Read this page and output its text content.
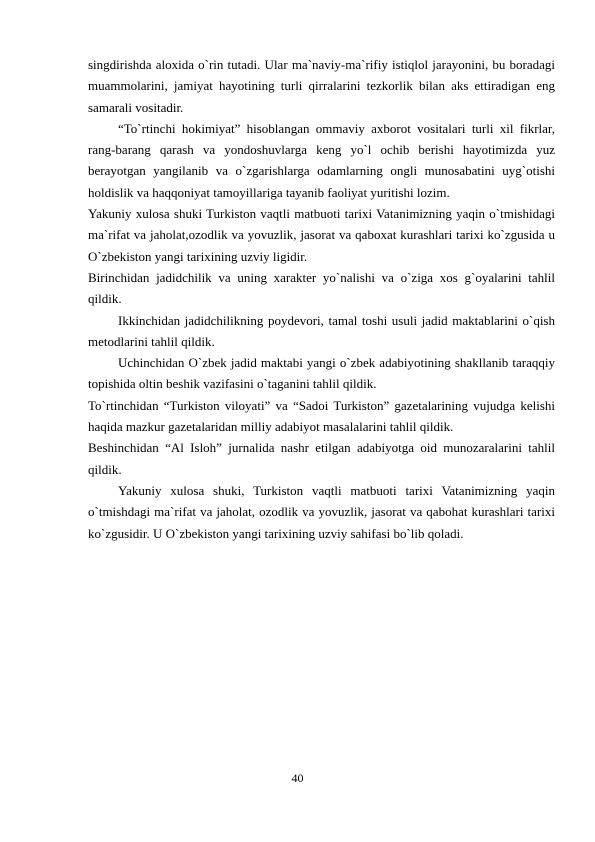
singdirishda aloxida o`rin tutadi. Ular ma`naviy-ma`rifiy istiqlol jarayonini, bu boradagi muammolarini, jamiyat hayotining turli qirralarini tezkorlik bilan aks ettiradigan eng samarali vositadir.

“To`rtinchi hokimiyat” hisoblangan ommaviy axborot vositalari turli xil fikrlar, rang-barang qarash va yondoshuvlarga keng yo`l ochib berishi hayotimizda yuz berayotgan yangilanib va o`zgarishlarga odamlarning ongli munosabatini uyg`otishi holdislik va haqqoniyat tamoyillariga tayanib faoliyat yuritishi lozim.

Yakuniy xulosa shuki Turkiston vaqtli matbuoti tarixi Vatanimizning yaqin o`tmishidagi ma`rifat va jaholat,ozodlik va yovuzlik, jasorat va qaboxat kurashlari tarixi ko`zgusida u O`zbekiston yangi tarixining uzviy ligidir.

Birinchidan jadidchilik va uning xarakter yo`nalishi va o`ziga xos g`oyalarini tahlil qildik.

Ikkinchidan jadidchilikning poydevori, tamal toshi usuli jadid maktablarini o`qish metodlarini tahlil qildik.

Uchinchidan O`zbek jadid maktabi yangi o`zbek adabiyotining shakllanib taraqqiy topishida oltin beshik vazifasini o`taganini tahlil qildik.

To`rtinchidan “Turkiston viloyati” va “Sadoi Turkiston” gazetalarining vujudga kelishi haqida mazkur gazetalaridan milliy adabiyot masalalarini tahlil qildik.

Beshinchidan “Al Isloh” jurnalida nashr etilgan adabiyotga oid munozaralarini tahlil qildik.

Yakuniy xulosa shuki, Turkiston vaqtli matbuoti tarixi Vatanimizning yaqin o`tmishdagi ma`rifat va jaholat, ozodlik va yovuzlik, jasorat va qabohat kurashlari tarixi ko`zgusidir. U O`zbekiston yangi tarixining uzviy sahifasi bo`lib qoladi.

40
